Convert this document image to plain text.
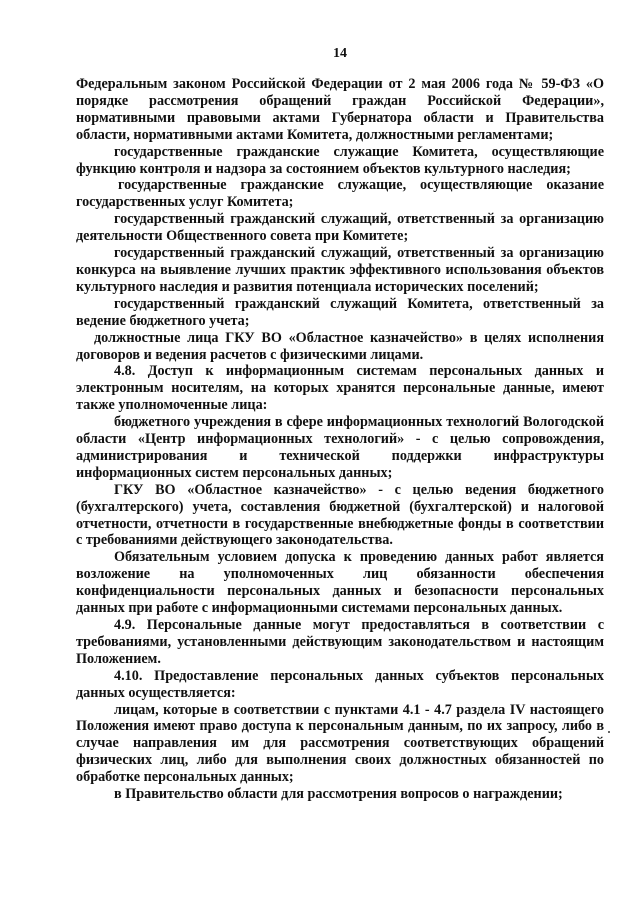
14

Федеральным законом Российской Федерации от 2 мая 2006 года № 59-ФЗ «О порядке рассмотрения обращений граждан Российской Федерации», нормативными правовыми актами Губернатора области и Правительства области, нормативными актами Комитета, должностными регламентами;

государственные гражданские служащие Комитета, осуществляющие функцию контроля и надзора за состоянием объектов культурного наследия;

государственные гражданские служащие, осуществляющие оказание государственных услуг Комитета;

государственный гражданский служащий, ответственный за организацию деятельности Общественного совета при Комитете;

государственный гражданский служащий, ответственный за организацию конкурса на выявление лучших практик эффективного использования объектов культурного наследия и развития потенциала исторических поселений;

государственный гражданский служащий Комитета, ответственный за ведение бюджетного учета;

должностные лица ГКУ ВО «Областное казначейство» в целях исполнения договоров и ведения расчетов с физическими лицами.

4.8. Доступ к информационным системам персональных данных и электронным носителям, на которых хранятся персональные данные, имеют также уполномоченные лица:

бюджетного учреждения в сфере информационных технологий Вологодской области «Центр информационных технологий» - с целью сопровождения, администрирования и технической поддержки инфраструктуры информационных систем персональных данных;

ГКУ ВО «Областное казначейство» - с целью ведения бюджетного (бухгалтерского) учета, составления бюджетной (бухгалтерской) и налоговой отчетности, отчетности в государственные внебюджетные фонды в соответствии с требованиями действующего законодательства.

Обязательным условием допуска к проведению данных работ является возложение на уполномоченных лиц обязанности обеспечения конфиденциальности персональных данных и безопасности персональных данных при работе с информационными системами персональных данных.

4.9. Персональные данные могут предоставляться в соответствии с требованиями, установленными действующим законодательством и настоящим Положением.

4.10. Предоставление персональных данных субъектов персональных данных осуществляется:

лицам, которые в соответствии с пунктами 4.1 - 4.7 раздела IV настоящего Положения имеют право доступа к персональным данным, по их запросу, либо в случае направления им для рассмотрения соответствующих обращений физических лиц, либо для выполнения своих должностных обязанностей по обработке персональных данных;

в Правительство области для рассмотрения вопросов о награждении;
